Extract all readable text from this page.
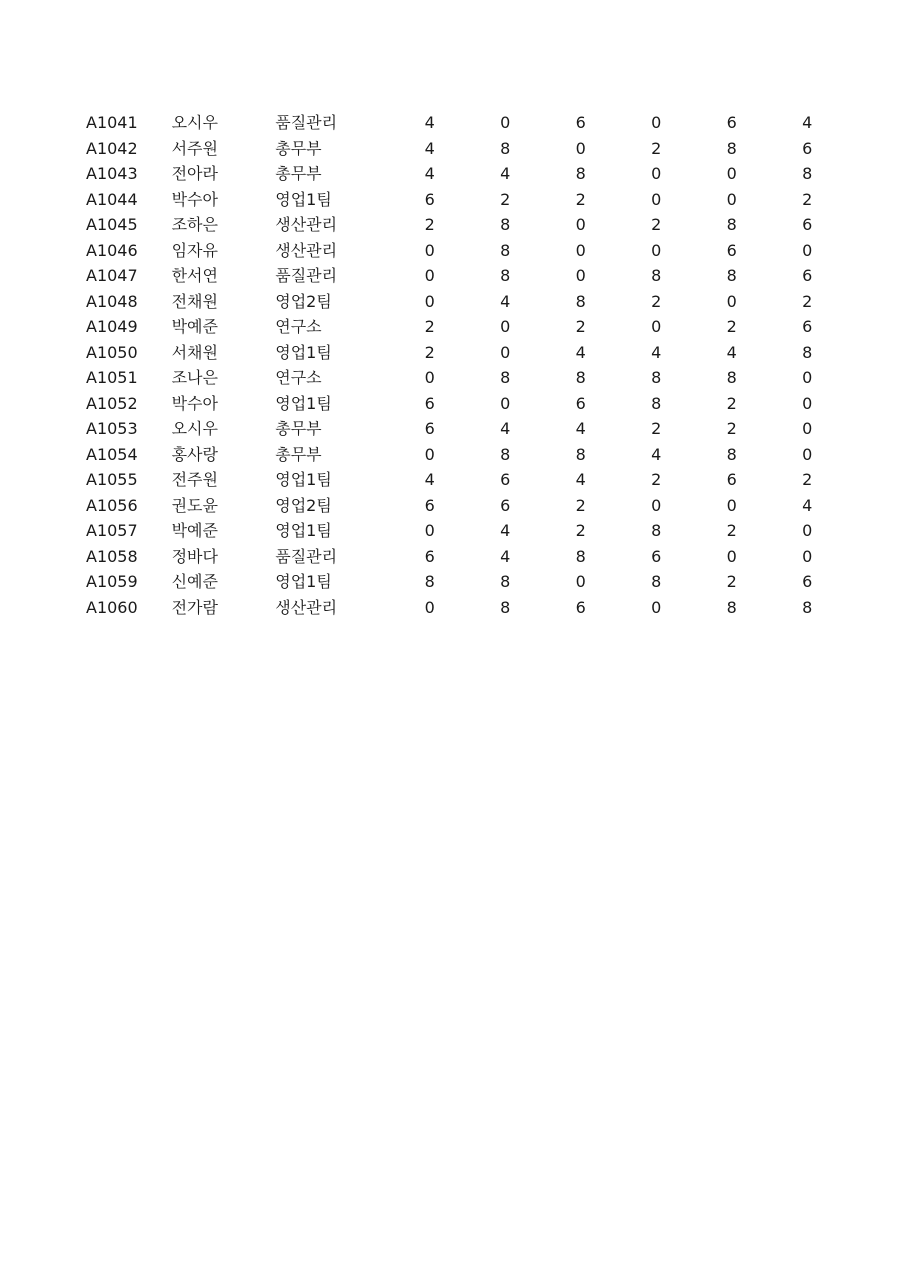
A1041	오시우	품질관리	4	0	6	0	6	4
A1042	서주원	총무부	4	8	0	2	8	6
A1043	전아라	총무부	4	4	8	0	0	8
A1044	박수아	영업1팀	6	2	2	0	0	2
A1045	조하은	생산관리	2	8	0	2	8	6
A1046	임자유	생산관리	0	8	0	0	6	0
A1047	한서연	품질관리	0	8	0	8	8	6
A1048	전채원	영업2팀	0	4	8	2	0	2
A1049	박예준	연구소	2	0	2	0	2	6
A1050	서채원	영업1팀	2	0	4	4	4	8
A1051	조나은	연구소	0	8	8	8	8	0
A1052	박수아	영업1팀	6	0	6	8	2	0
A1053	오시우	총무부	6	4	4	2	2	0
A1054	홍사랑	총무부	0	8	8	4	8	0
A1055	전주원	영업1팀	4	6	4	2	6	2
A1056	권도윤	영업2팀	6	6	2	0	0	4
A1057	박예준	영업1팀	0	4	2	8	2	0
A1058	정바다	품질관리	6	4	8	6	0	0
A1059	신예준	영업1팀	8	8	0	8	2	6
A1060	전가람	생산관리	0	8	6	0	8	8
